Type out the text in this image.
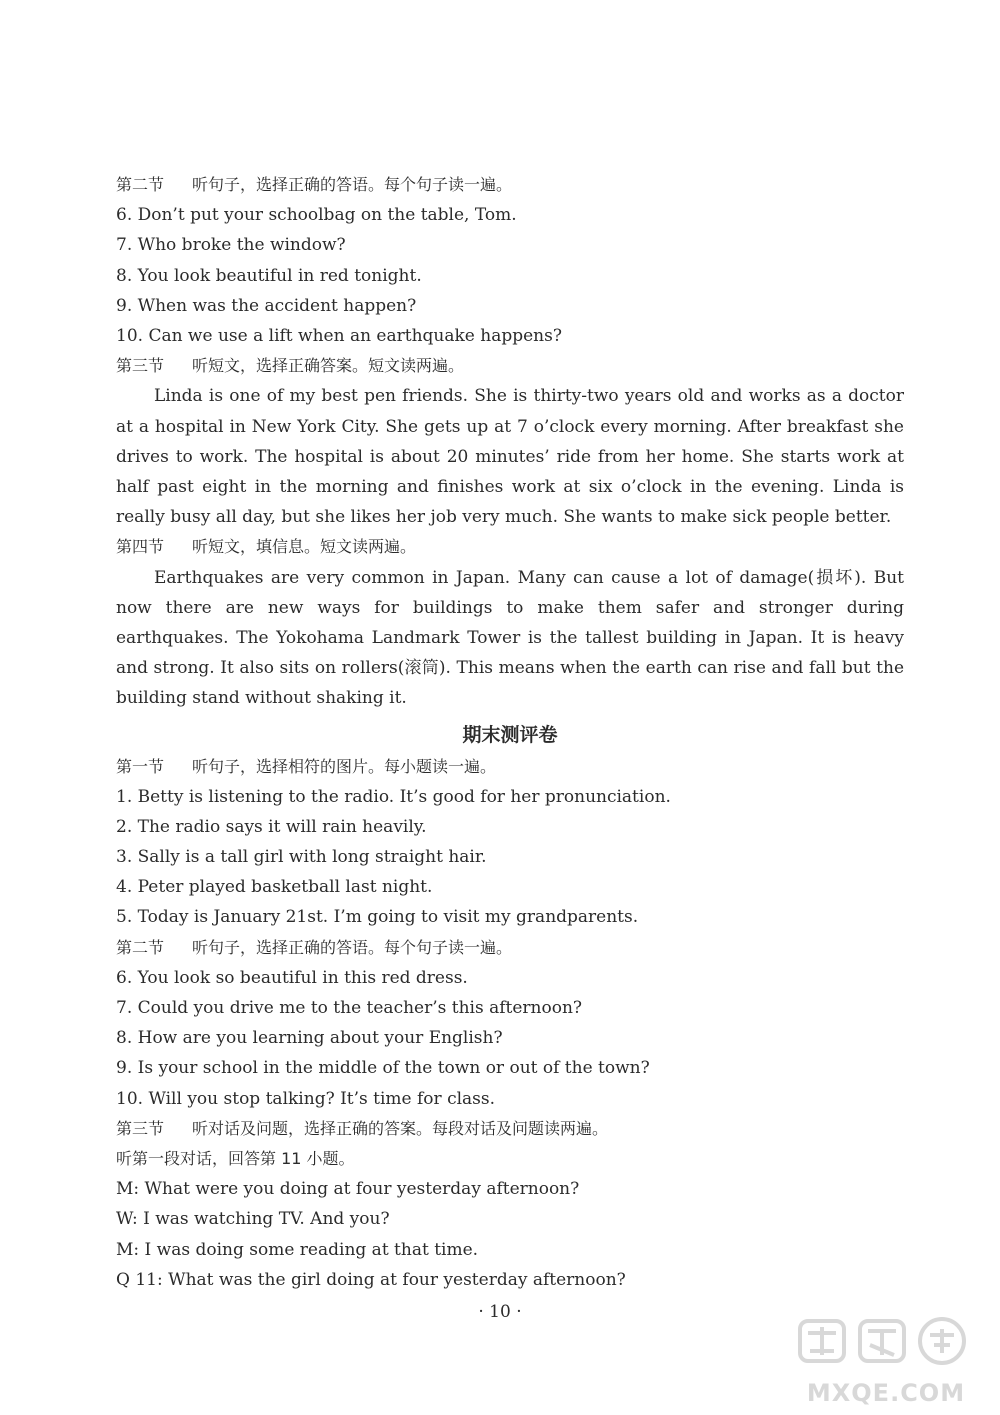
第二节 听句子，选择正确的答语。每个句子读一遍。
6. Don’t put your schoolbag on the table, Tom.
7. Who broke the window?
8. You look beautiful in red tonight.
9. When was the accident happen?
10. Can we use a lift when an earthquake happens?
第三节 听短文，选择正确答案。短文读两遍。

Linda is one of my best pen friends. She is thirty-two years old and works as a doctor at a hospital in New York City. She gets up at 7 o’clock every morning. After breakfast she drives to work. The hospital is about 20 minutes’ ride from her home. She starts work at half past eight in the morning and finishes work at six o’clock in the evening. Linda is really busy all day, but she likes her job very much. She wants to make sick people better.

第四节 听短文，填信息。短文读两遍。

Earthquakes are very common in Japan. Many can cause a lot of damage(损坏). But now there are new ways for buildings to make them safer and stronger during earthquakes. The Yokohama Landmark Tower is the tallest building in Japan. It is heavy and strong. It also sits on rollers(滚筒). This means when the earth can rise and fall but the building stand without shaking it.

期末测评卷
第一节 听句子，选择相符的图片。每小题读一遍。
1. Betty is listening to the radio. It’s good for her pronunciation.
2. The radio says it will rain heavily.
3. Sally is a tall girl with long straight hair.
4. Peter played basketball last night.
5. Today is January 21st. I’m going to visit my grandparents.
第二节 听句子，选择正确的答语。每个句子读一遍。
6. You look so beautiful in this red dress.
7. Could you drive me to the teacher’s this afternoon?
8. How are you learning about your English?
9. Is your school in the middle of the town or out of the town?
10. Will you stop talking? It’s time for class.
第三节 听对话及问题，选择正确的答案。每段对话及问题读两遍。
听第一段对话，回答第 11 小题。
M: What were you doing at four yesterday afternoon?
W: I was watching TV. And you?
M: I was doing some reading at that time.
Q 11: What was the girl doing at four yesterday afternoon?
· 10 ·
MXQE.COM
